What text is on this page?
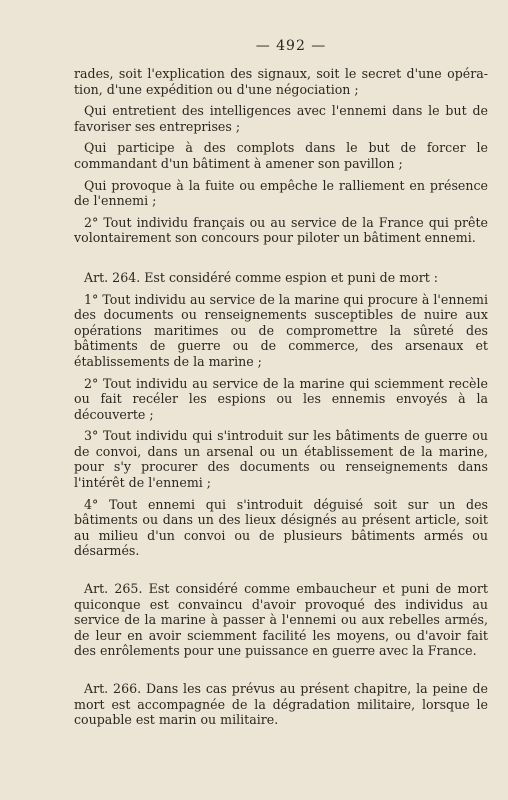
— 492 —

rades, soit l'explication des signaux, soit le secret d'une opéra-tion, d'une expédition ou d'une négociation ;

Qui entretient des intelligences avec l'ennemi dans le but de favoriser ses entreprises ;

Qui participe à des complots dans le but de forcer le commandant d'un bâtiment à amener son pavillon ;

Qui provoque à la fuite ou empêche le ralliement en présence de l'ennemi ;

2° Tout individu français ou au service de la France qui prête volontairement son concours pour piloter un bâtiment ennemi.

Art. 264. Est considéré comme espion et puni de mort :

1° Tout individu au service de la marine qui procure à l'ennemi des documents ou renseignements susceptibles de nuire aux opérations maritimes ou de compromettre la sûreté des bâtiments de guerre ou de commerce, des arsenaux et établissements de la marine ;

2° Tout individu au service de la marine qui sciemment recèle ou fait recéler les espions ou les ennemis envoyés à la découverte ;

3° Tout individu qui s'introduit sur les bâtiments de guerre ou de convoi, dans un arsenal ou un établissement de la marine, pour s'y procurer des documents ou renseignements dans l'intérêt de l'ennemi ;

4° Tout ennemi qui s'introduit déguisé soit sur un des bâtiments ou dans un des lieux désignés au présent article, soit au milieu d'un convoi ou de plusieurs bâtiments armés ou désarmés.

Art. 265. Est considéré comme embaucheur et puni de mort quiconque est convaincu d'avoir provoqué des individus au service de la marine à passer à l'ennemi ou aux rebelles armés, de leur en avoir sciemment facilité les moyens, ou d'avoir fait des enrôlements pour une puissance en guerre avec la France.

Art. 266. Dans les cas prévus au présent chapitre, la peine de mort est accompagnée de la dégradation militaire, lorsque le coupable est marin ou militaire.
